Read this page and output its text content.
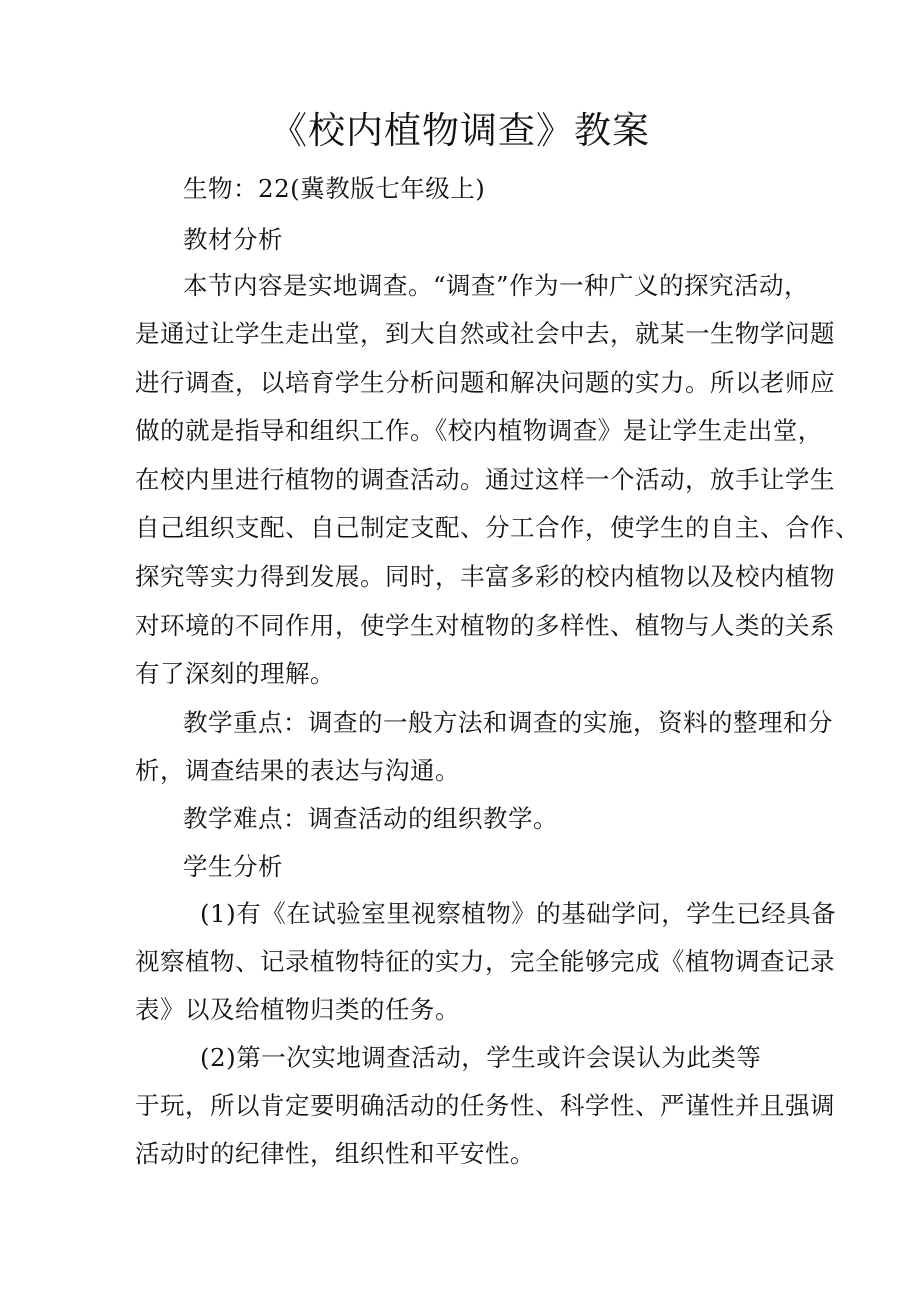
《校内植物调查》教案
生物：22(冀教版七年级上)
教材分析
本节内容是实地调查。“调查”作为一种广义的探究活动，
是通过让学生走出堂，到大自然或社会中去，就某一生物学问题
进行调查，以培育学生分析问题和解决问题的实力。所以老师应
做的就是指导和组织工作。《校内植物调查》是让学生走出堂，
在校内里进行植物的调查活动。通过这样一个活动，放手让学生
自己组织支配、自己制定支配、分工合作，使学生的自主、合作、
探究等实力得到发展。同时，丰富多彩的校内植物以及校内植物
对环境的不同作用，使学生对植物的多样性、植物与人类的关系
有了深刻的理解。
教学重点：调查的一般方法和调查的实施，资料的整理和分
析，调查结果的表达与沟通。
教学难点：调查活动的组织教学。
学生分析
(1)有《在试验室里视察植物》的基础学问，学生已经具备
视察植物、记录植物特征的实力，完全能够完成《植物调查记录
表》以及给植物归类的任务。
(2)第一次实地调查活动，学生或许会误认为此类等
于玩，所以肯定要明确活动的任务性、科学性、严谨性并且强调
活动时的纪律性，组织性和平安性。
